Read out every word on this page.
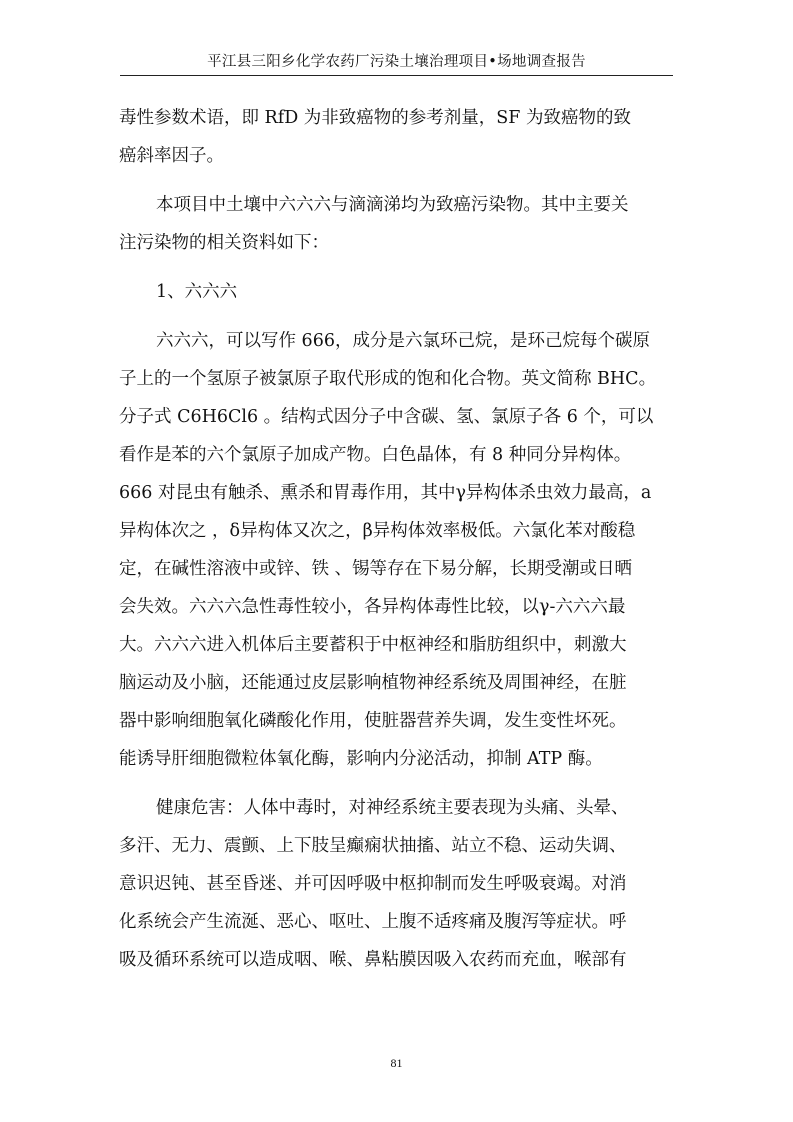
平江县三阳乡化学农药厂污染土壤治理项目•场地调查报告
毒性参数术语，即 RfD 为非致癌物的参考剂量，SF 为致癌物的致
癌斜率因子。
本项目中土壤中六六六与滴滴涕均为致癌污染物。其中主要关
注污染物的相关资料如下：
1、六六六
六六六，可以写作 666，成分是六氯环己烷，是环己烷每个碳原
子上的一个氢原子被氯原子取代形成的饱和化合物。英文简称 BHC。
分子式 C6H6Cl6 。结构式因分子中含碳、氢、氯原子各 6 个，可以
看作是苯的六个氯原子加成产物。白色晶体，有 8 种同分异构体。
666 对昆虫有触杀、熏杀和胃毒作用，其中γ异构体杀虫效力最高，a
异构体次之 ，δ异构体又次之，β异构体效率极低。六氯化苯对酸稳
定，在碱性溶液中或锌、铁 、锡等存在下易分解，长期受潮或日晒
会失效。六六六急性毒性较小，各异构体毒性比较，以γ-六六六最
大。六六六进入机体后主要蓄积于中枢神经和脂肪组织中，刺激大
脑运动及小脑，还能通过皮层影响植物神经系统及周围神经，在脏
器中影响细胞氧化磷酸化作用，使脏器营养失调，发生变性坏死。
能诱导肝细胞微粒体氧化酶，影响内分泌活动，抑制 ATP 酶。
健康危害：人体中毒时，对神经系统主要表现为头痛、头晕、
多汗、无力、震颤、上下肢呈癫痫状抽搐、站立不稳、运动失调、
意识迟钝、甚至昏迷、并可因呼吸中枢抑制而发生呼吸衰竭。对消
化系统会产生流涎、恶心、呕吐、上腹不适疼痛及腹泻等症状。呼
吸及循环系统可以造成咽、喉、鼻粘膜因吸入农药而充血，喉部有
81
